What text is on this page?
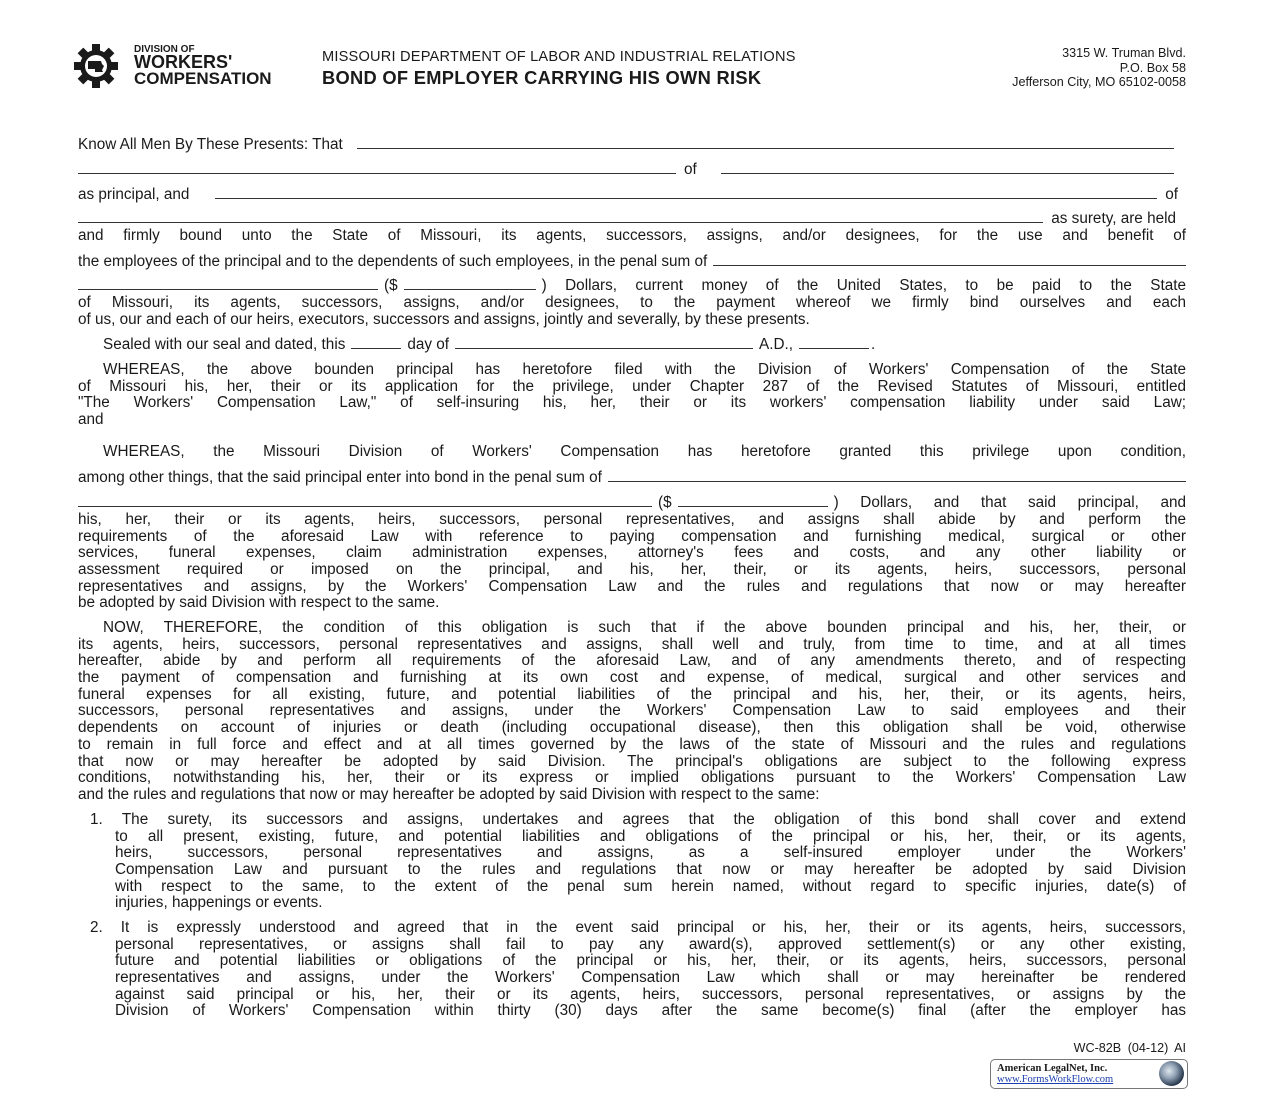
DIVISION OF
WORKERS'
COMPENSATION
MISSOURI DEPARTMENT OF LABOR AND INDUSTRIAL RELATIONS
BOND OF EMPLOYER CARRYING HIS OWN RISK
3315 W. Truman Blvd.
P.O. Box 58
Jefferson City, MO 65102-0058
Know All Men By These Presents: That
of
as principal, and	of
as surety, are held
and firmly bound unto the State of Missouri, its agents, successors, assigns, and/or designees, for the use and benefit of
the employees of the principal and to the dependents of such employees, in the penal sum of
($	) Dollars, current money of the United States, to be paid to the State
of Missouri, its agents, successors, assigns, and/or designees, to the payment whereof we firmly bind ourselves and each
of us, our and each of our heirs, executors, successors and assigns, jointly and severally, by these presents.
Sealed with our seal and dated, this	day of	A.D.,	.
WHEREAS, the above bounden principal has heretofore filed with the Division of Workers' Compensation of the State
of Missouri his, her, their or its application for the privilege, under Chapter 287 of the Revised Statutes of Missouri, entitled
"The Workers' Compensation Law," of self-insuring his, her, their or its workers' compensation liability under said Law;
and
WHEREAS, the Missouri Division of Workers' Compensation has heretofore granted this privilege upon condition,
among other things, that the said principal enter into bond in the penal sum of
($	) Dollars, and that said principal, and
his, her, their or its agents, heirs, successors, personal representatives, and assigns shall abide by and perform the
requirements of the aforesaid Law with reference to paying compensation and furnishing medical, surgical or other
services, funeral expenses, claim administration expenses, attorney's fees and costs, and any other liability or
assessment required or imposed on the principal, and his, her, their, or its agents, heirs, successors, personal
representatives and assigns, by the Workers' Compensation Law and the rules and regulations that now or may hereafter
be adopted by said Division with respect to the same.
NOW, THEREFORE, the condition of this obligation is such that if the above bounden principal and his, her, their, or
its agents, heirs, successors, personal representatives and assigns, shall well and truly, from time to time, and at all times
hereafter, abide by and perform all requirements of the aforesaid Law, and of any amendments thereto, and of respecting
the payment of compensation and furnishing at its own cost and expense, of medical, surgical and other services and
funeral expenses for all existing, future, and potential liabilities of the principal and his, her, their, or its agents, heirs,
successors, personal representatives and assigns, under the Workers' Compensation Law to said employees and their
dependents on account of injuries or death (including occupational disease), then this obligation shall be void, otherwise
to remain in full force and effect and at all times governed by the laws of the state of Missouri and the rules and regulations
that now or may hereafter be adopted by said Division. The principal's obligations are subject to the following express
conditions, notwithstanding his, her, their or its express or implied obligations pursuant to the Workers' Compensation Law
and the rules and regulations that now or may hereafter be adopted by said Division with respect to the same:
1. The surety, its successors and assigns, undertakes and agrees that the obligation of this bond shall cover and extend
to all present, existing, future, and potential liabilities and obligations of the principal or his, her, their, or its agents,
heirs, successors, personal representatives and assigns, as a self-insured employer under the Workers'
Compensation Law and pursuant to the rules and regulations that now or may hereafter be adopted by said Division
with respect to the same, to the extent of the penal sum herein named, without regard to specific injuries, date(s) of
injuries, happenings or events.
2. It is expressly understood and agreed that in the event said principal or his, her, their or its agents, heirs, successors,
personal representatives, or assigns shall fail to pay any award(s), approved settlement(s) or any other existing,
future and potential liabilities or obligations of the principal or his, her, their, or its agents, heirs, successors, personal
representatives and assigns, under the Workers' Compensation Law which shall or may hereinafter be rendered
against said principal or his, her, their or its agents, heirs, successors, personal representatives, or assigns by the
Division of Workers' Compensation within thirty (30) days after the same become(s) final (after the employer has
WC-82B (04-12) AI
American LegalNet, Inc.
www.FormsWorkFlow.com
